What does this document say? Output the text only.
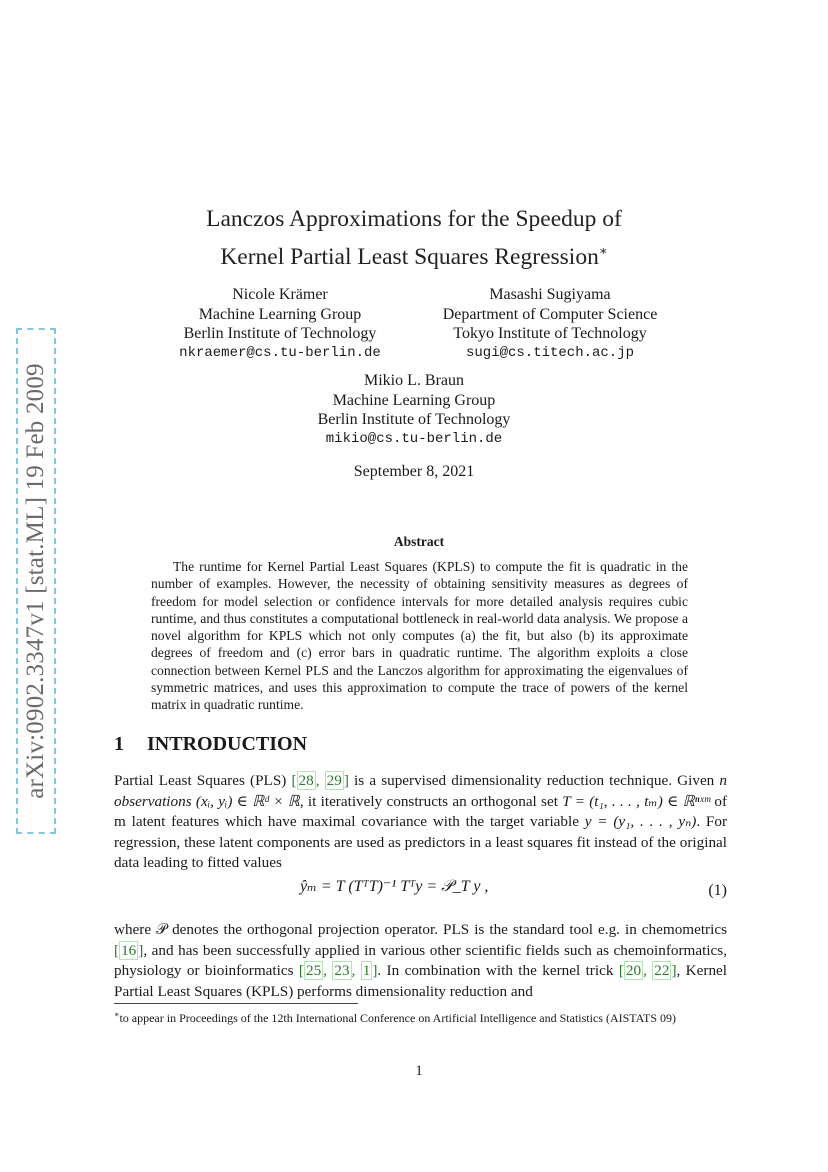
arXiv:0902.3347v1 [stat.ML] 19 Feb 2009
Lanczos Approximations for the Speedup of
Kernel Partial Least Squares Regression∗
Nicole Krämer
Machine Learning Group
Berlin Institute of Technology
nkraemer@cs.tu-berlin.de
Masashi Sugiyama
Department of Computer Science
Tokyo Institute of Technology
sugi@cs.titech.ac.jp
Mikio L. Braun
Machine Learning Group
Berlin Institute of Technology
mikio@cs.tu-berlin.de
September 8, 2021
Abstract
The runtime for Kernel Partial Least Squares (KPLS) to compute the fit is quadratic in the number of examples. However, the necessity of obtaining sensitivity measures as degrees of freedom for model selection or confidence intervals for more detailed analysis requires cubic runtime, and thus constitutes a computational bottleneck in real-world data analysis. We propose a novel algorithm for KPLS which not only computes (a) the fit, but also (b) its approximate degrees of freedom and (c) error bars in quadratic runtime. The algorithm exploits a close connection between Kernel PLS and the Lanczos algorithm for approximating the eigenvalues of symmetric matrices, and uses this approximation to compute the trace of powers of the kernel matrix in quadratic runtime.
1 INTRODUCTION
Partial Least Squares (PLS) [ 28 , 29 ] is a supervised dimensionality reduction technique. Given n observations (xᵢ, yᵢ) ∈ ℝᵈ × ℝ, it iteratively constructs an orthogonal set T = (t₁, . . . , tₘ) ∈ ℝⁿˣᵐ of m latent features which have maximal covariance with the target variable y = (y₁, . . . , yₙ). For regression, these latent components are used as predictors in a least squares fit instead of the original data leading to fitted values
ŷₘ = T (TᵀT)⁻¹ Tᵀy = 𝒫_T y ,	(1)
where 𝒫 denotes the orthogonal projection operator. PLS is the standard tool e.g. in chemometrics [ 16 ], and has been successfully applied in various other scientific fields such as chemoinformatics, physiology or bioinformatics [ 25 , 23 , 1 ]. In combination with the kernel trick [ 20 , 22 ], Kernel Partial Least Squares (KPLS) performs dimensionality reduction and
∗to appear in Proceedings of the 12th International Conference on Artificial Intelligence and Statistics (AISTATS 09)
1
